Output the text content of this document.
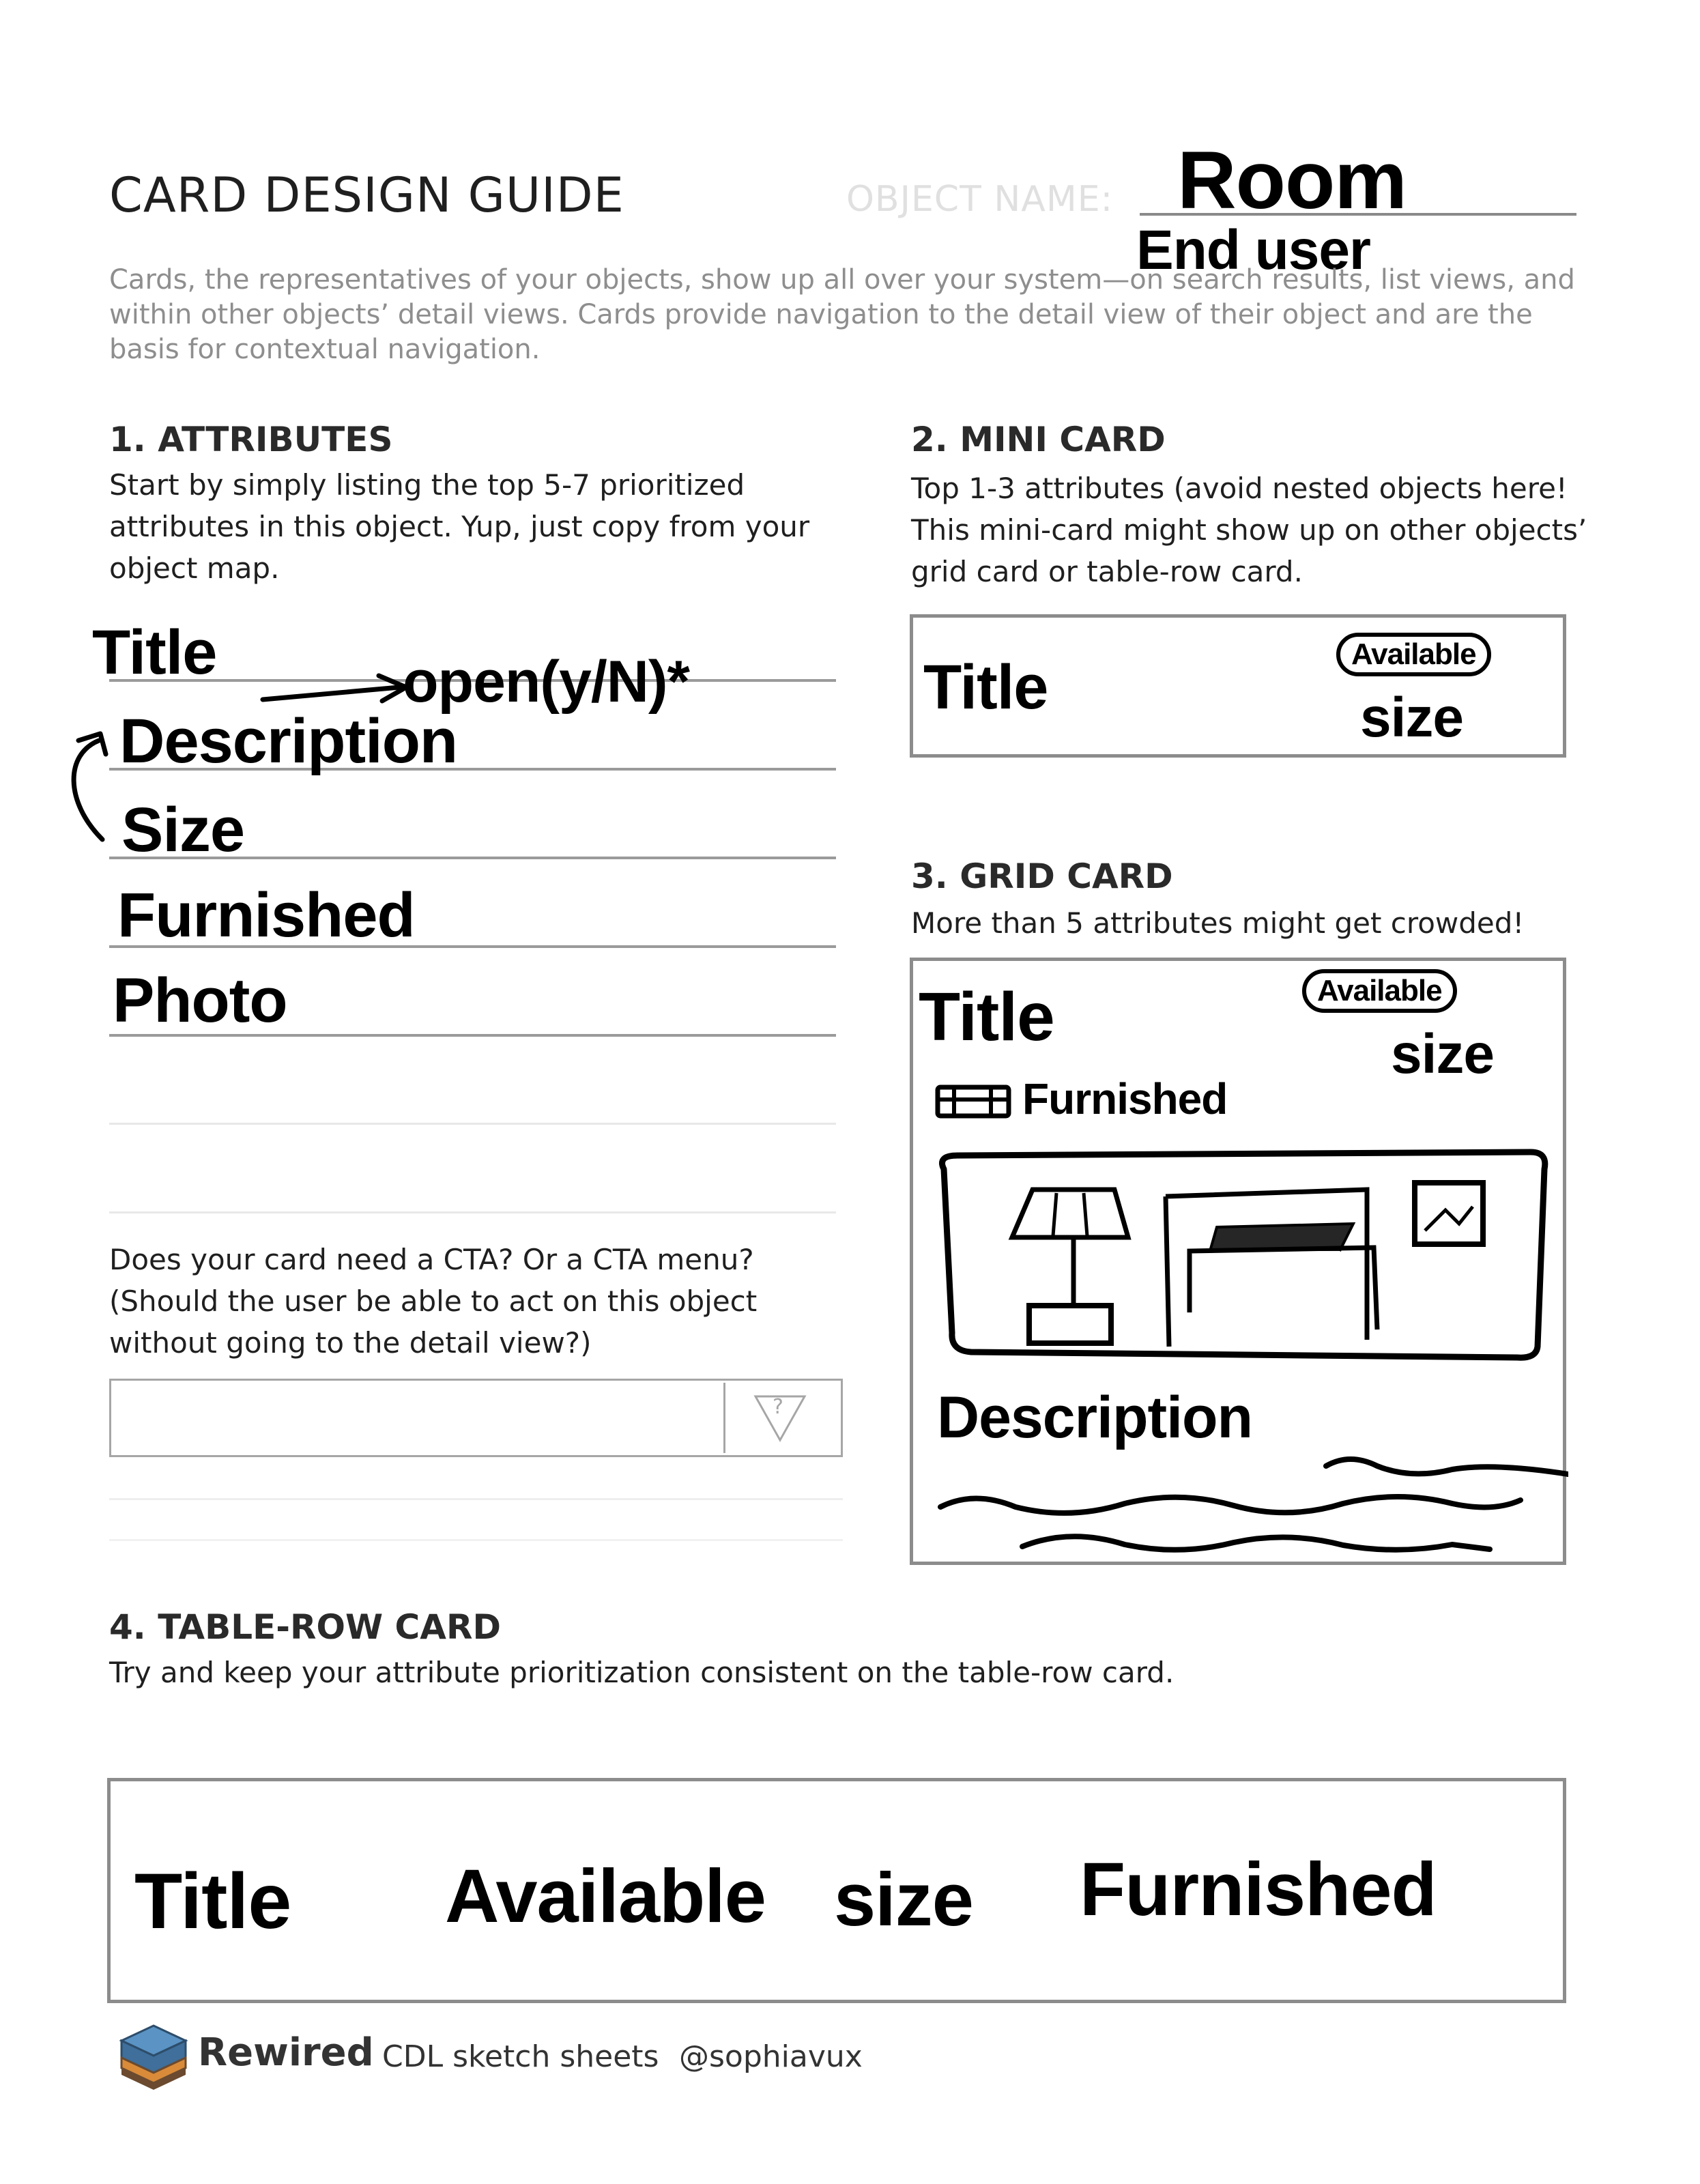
CARD DESIGN GUIDE	OBJECT NAME: Room
End user
Cards, the representatives of your objects, show up all over your system—on search results, list views, and within other objects’ detail views. Cards provide navigation to the detail view of their object and are the basis for contextual navigation.
1. ATTRIBUTES
Start by simply listing the top 5-7 prioritized attributes in this object. Yup, just copy from your object map.
Title
Description
Size
Furnished
Photo
open(y/N)*
Does your card need a CTA? Or a CTA menu? (Should the user be able to act on this object without going to the detail view?)
?
2. MINI CARD
Top 1-3 attributes (avoid nested objects here! This mini-card might show up on other objects’ grid card or table-row card.
Title	Available
size
3. GRID CARD
More than 5 attributes might get crowded!
Title	Available
size
Furnished
Description
4. TABLE-ROW CARD
Try and keep your attribute prioritization consistent on the table-row card.
Title Available size Furnished
Rewired CDL sketch sheets @sophiavux
